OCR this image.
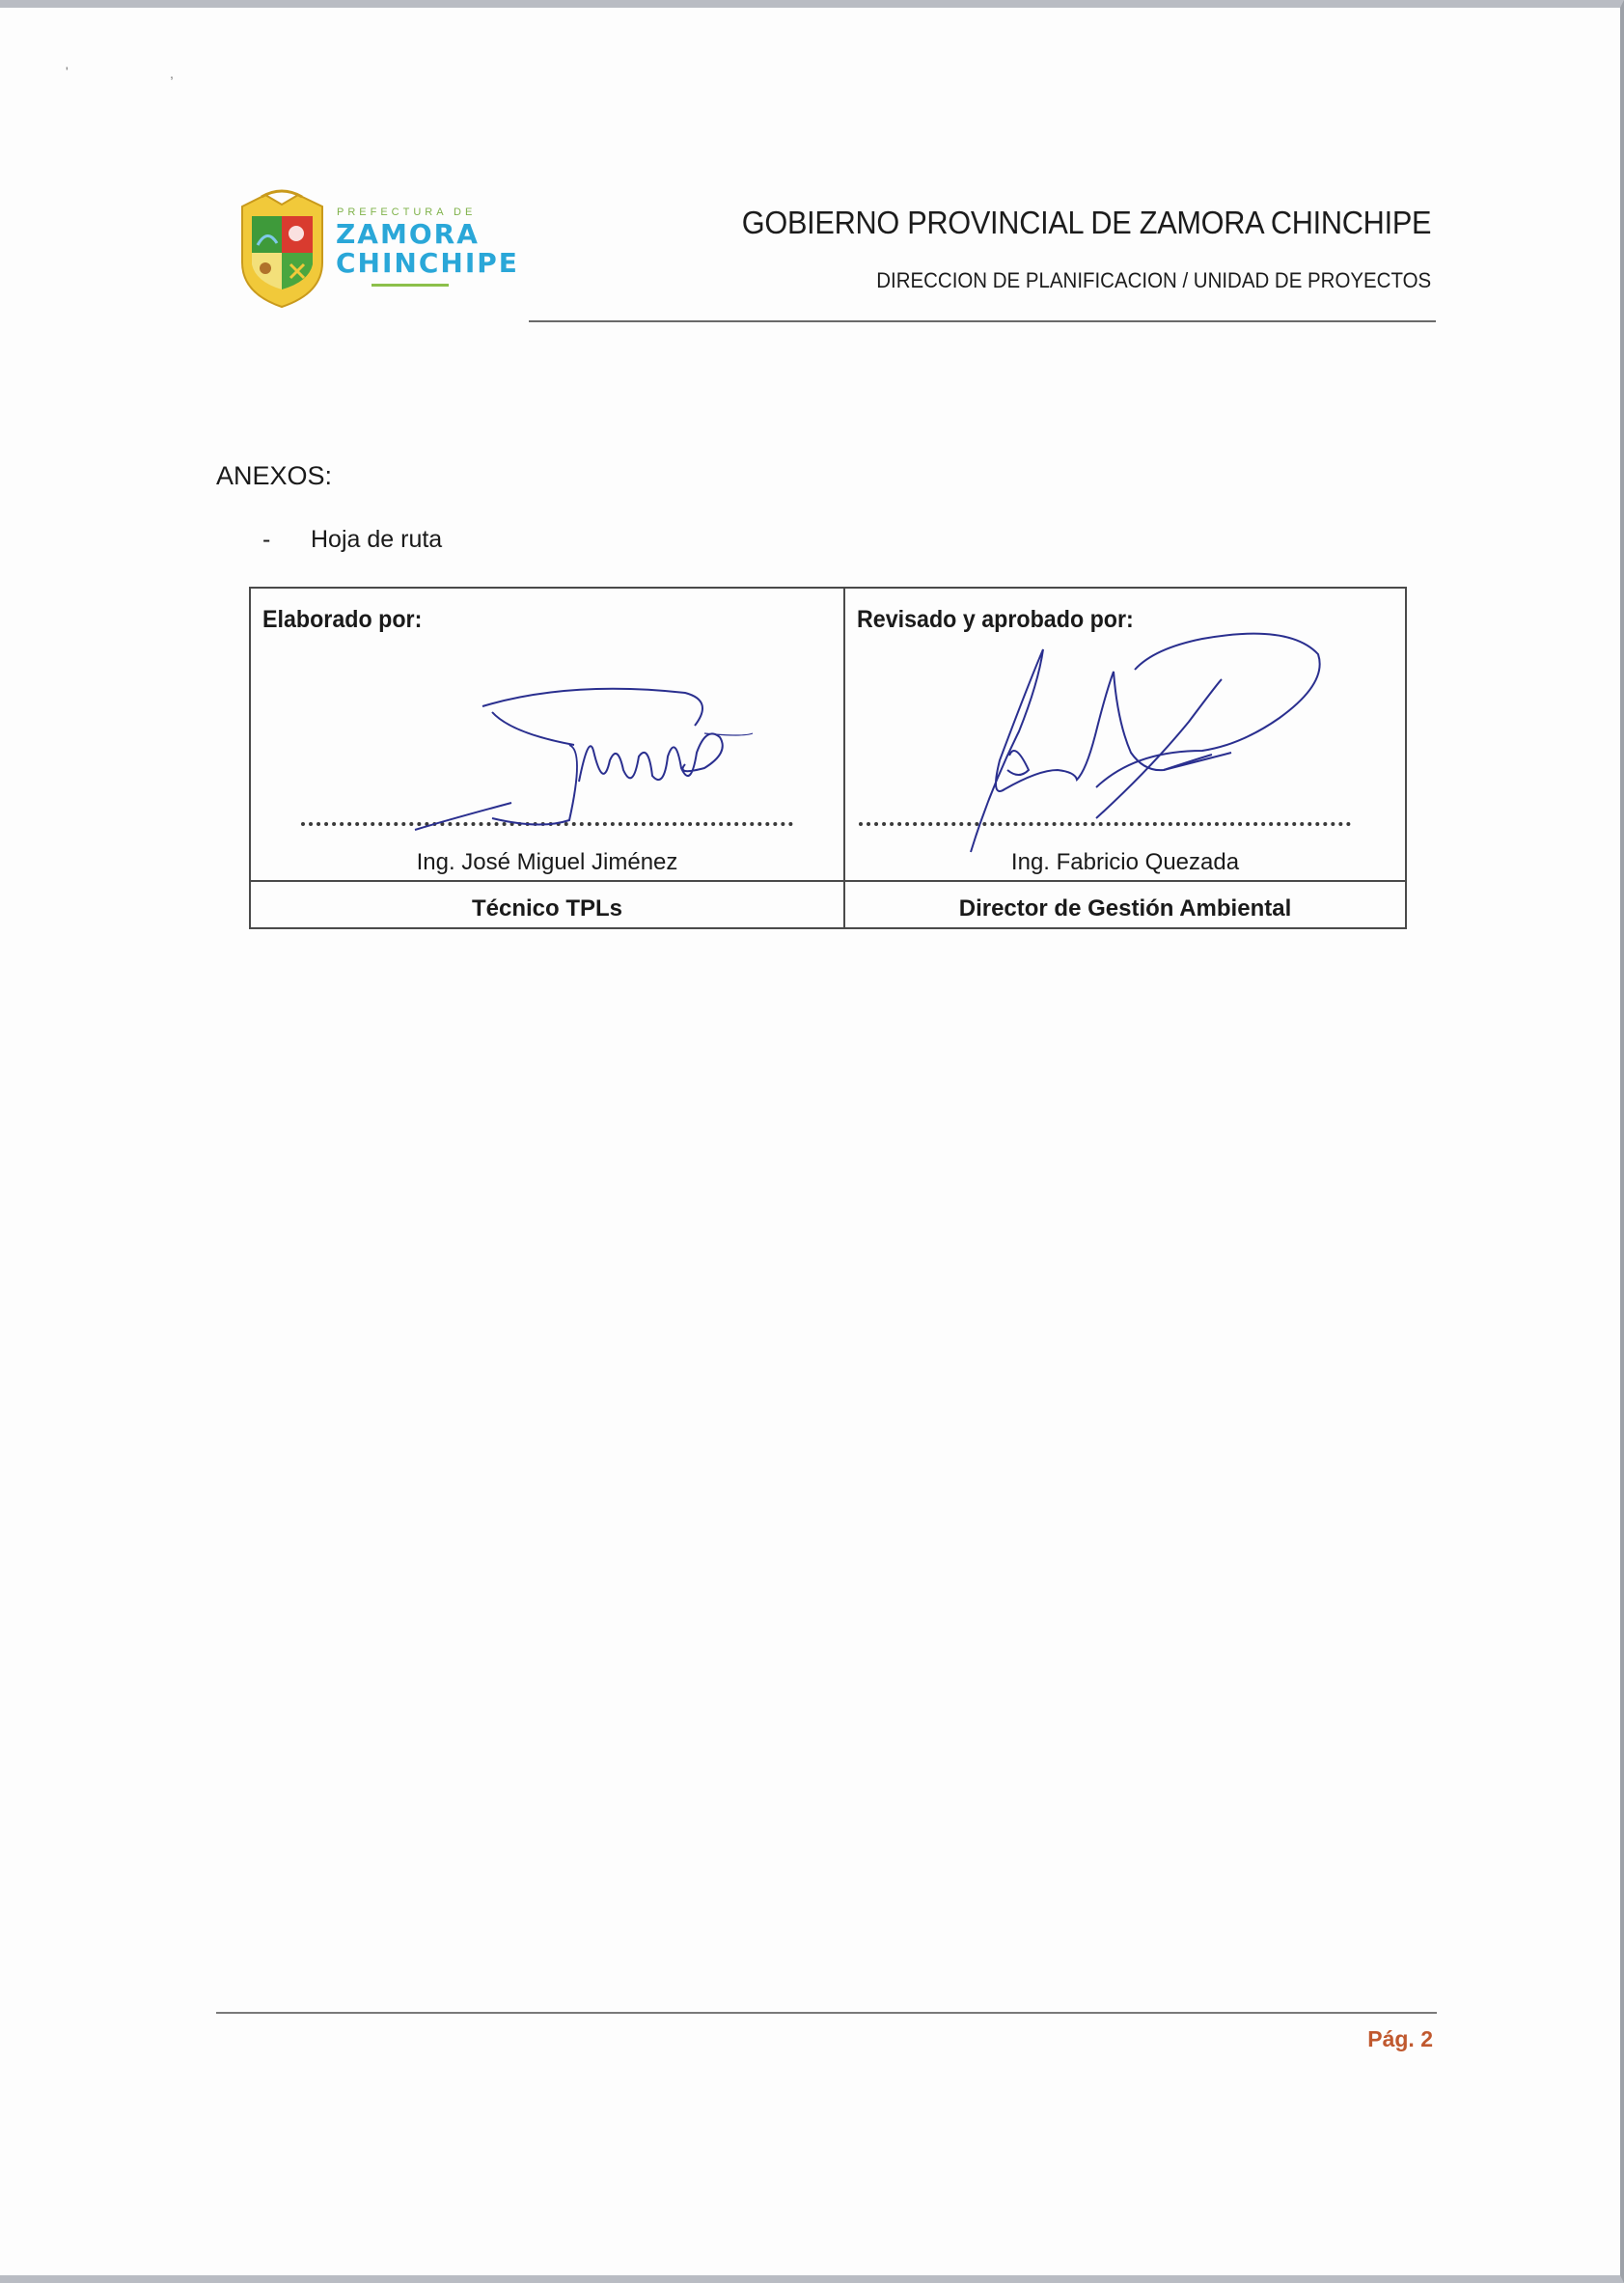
'	,
PREFECTURA DE
ZAMORA
CHINCHIPE
GOBIERNO PROVINCIAL DE ZAMORA CHINCHIPE
DIRECCION DE PLANIFICACION / UNIDAD DE PROYECTOS
ANEXOS:
- Hoja de ruta
Elaborado por:
Ing. José Miguel Jiménez
Técnico TPLs
Revisado y aprobado por:
Ing. Fabricio Quezada
Director de Gestión Ambiental
Pág. 2
